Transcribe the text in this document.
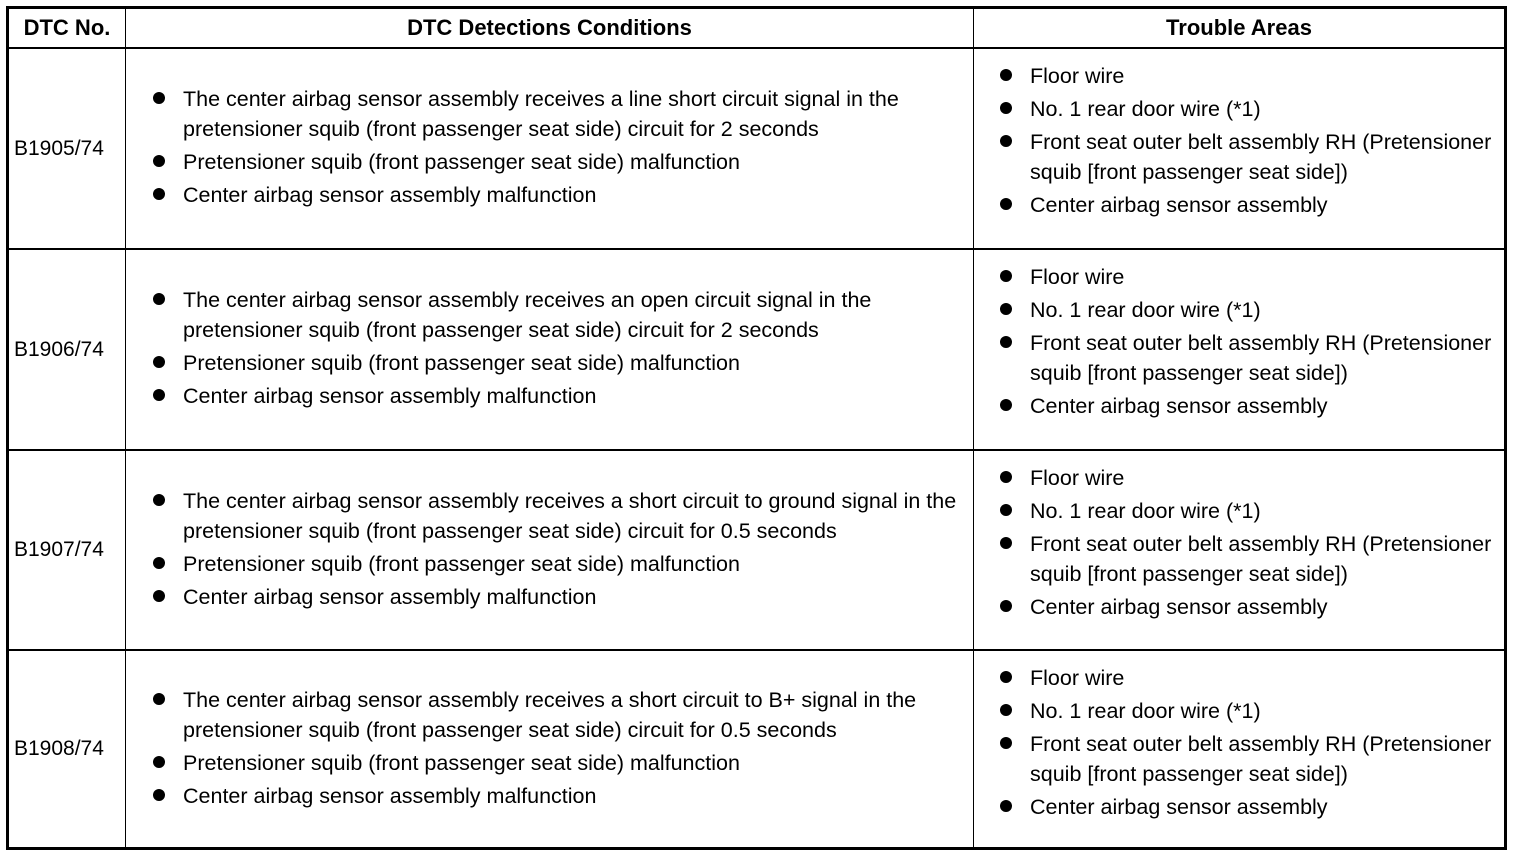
DTC No.	DTC Detections Conditions	Trouble Areas
B1905/74
The center airbag sensor assembly receives a line short circuit signal in the pretensioner squib (front passenger seat side) circuit for 2 seconds
Pretensioner squib (front passenger seat side) malfunction
Center airbag sensor assembly malfunction
Floor wire
No. 1 rear door wire (*1)
Front seat outer belt assembly RH (Pretensioner squib [front passenger seat side])
Center airbag sensor assembly
B1906/74
The center airbag sensor assembly receives an open circuit signal in the pretensioner squib (front passenger seat side) circuit for 2 seconds
Pretensioner squib (front passenger seat side) malfunction
Center airbag sensor assembly malfunction
Floor wire
No. 1 rear door wire (*1)
Front seat outer belt assembly RH (Pretensioner squib [front passenger seat side])
Center airbag sensor assembly
B1907/74
The center airbag sensor assembly receives a short circuit to ground signal in the pretensioner squib (front passenger seat side) circuit for 0.5 seconds
Pretensioner squib (front passenger seat side) malfunction
Center airbag sensor assembly malfunction
Floor wire
No. 1 rear door wire (*1)
Front seat outer belt assembly RH (Pretensioner squib [front passenger seat side])
Center airbag sensor assembly
B1908/74
The center airbag sensor assembly receives a short circuit to B+ signal in the pretensioner squib (front passenger seat side) circuit for 0.5 seconds
Pretensioner squib (front passenger seat side) malfunction
Center airbag sensor assembly malfunction
Floor wire
No. 1 rear door wire (*1)
Front seat outer belt assembly RH (Pretensioner squib [front passenger seat side])
Center airbag sensor assembly
